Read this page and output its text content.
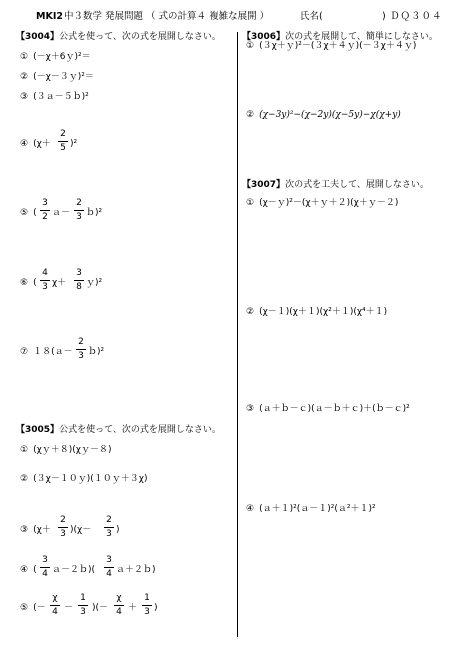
MKI2 中３数学 発展問題 （ 式の計算４ 複雑な展開 ）	氏名(	) ＤＱ３０４
【3004】公式を使って、次の式を展開しなさい。
① (－χ＋6ｙ)²＝
② (－χ－３ｙ)²＝
③ (３ａ－５ｂ)²
④ (χ＋
2
5 )²
⑤ (
3
2 ａ－
2
3 ｂ)²
⑥ (
4
3 χ＋
3
8 ｙ)²
⑦ １８(ａ－
2
3 ｂ)²
【3005】公式を使って、次の式を展開しなさい。
① (χｙ＋８)(χｙ－８)
② (３χ－１０ｙ)(１０ｙ＋３χ)
③ (χ＋
2
3 )(χ－
2
3 )
④ (
3
4 ａ－２ｂ)(
3
4 ａ＋２ｂ)
⑤ (－
χ
4 －
1
3 )(－
χ
4 ＋
1
3 )
【3006】次の式を展開して、簡単にしなさい。
① (３χ＋ｙ)²－(３χ＋４ｙ)(－３χ＋４ｙ)
② (χ−3y)²−(χ−2y)(χ−5y)−χ(χ+y)
【3007】次の式を工夫して、展開しなさい。
① (χ－ｙ)²－(χ＋ｙ＋２)(χ＋ｙ－２)
② (χ－１)(χ＋１)(χ²＋１)(χ⁴＋１)
③ (ａ＋ｂ－ｃ)(ａ－ｂ＋ｃ)＋(ｂ－ｃ)²
④ (ａ＋１)²(ａ－１)²(ａ²＋１)²
